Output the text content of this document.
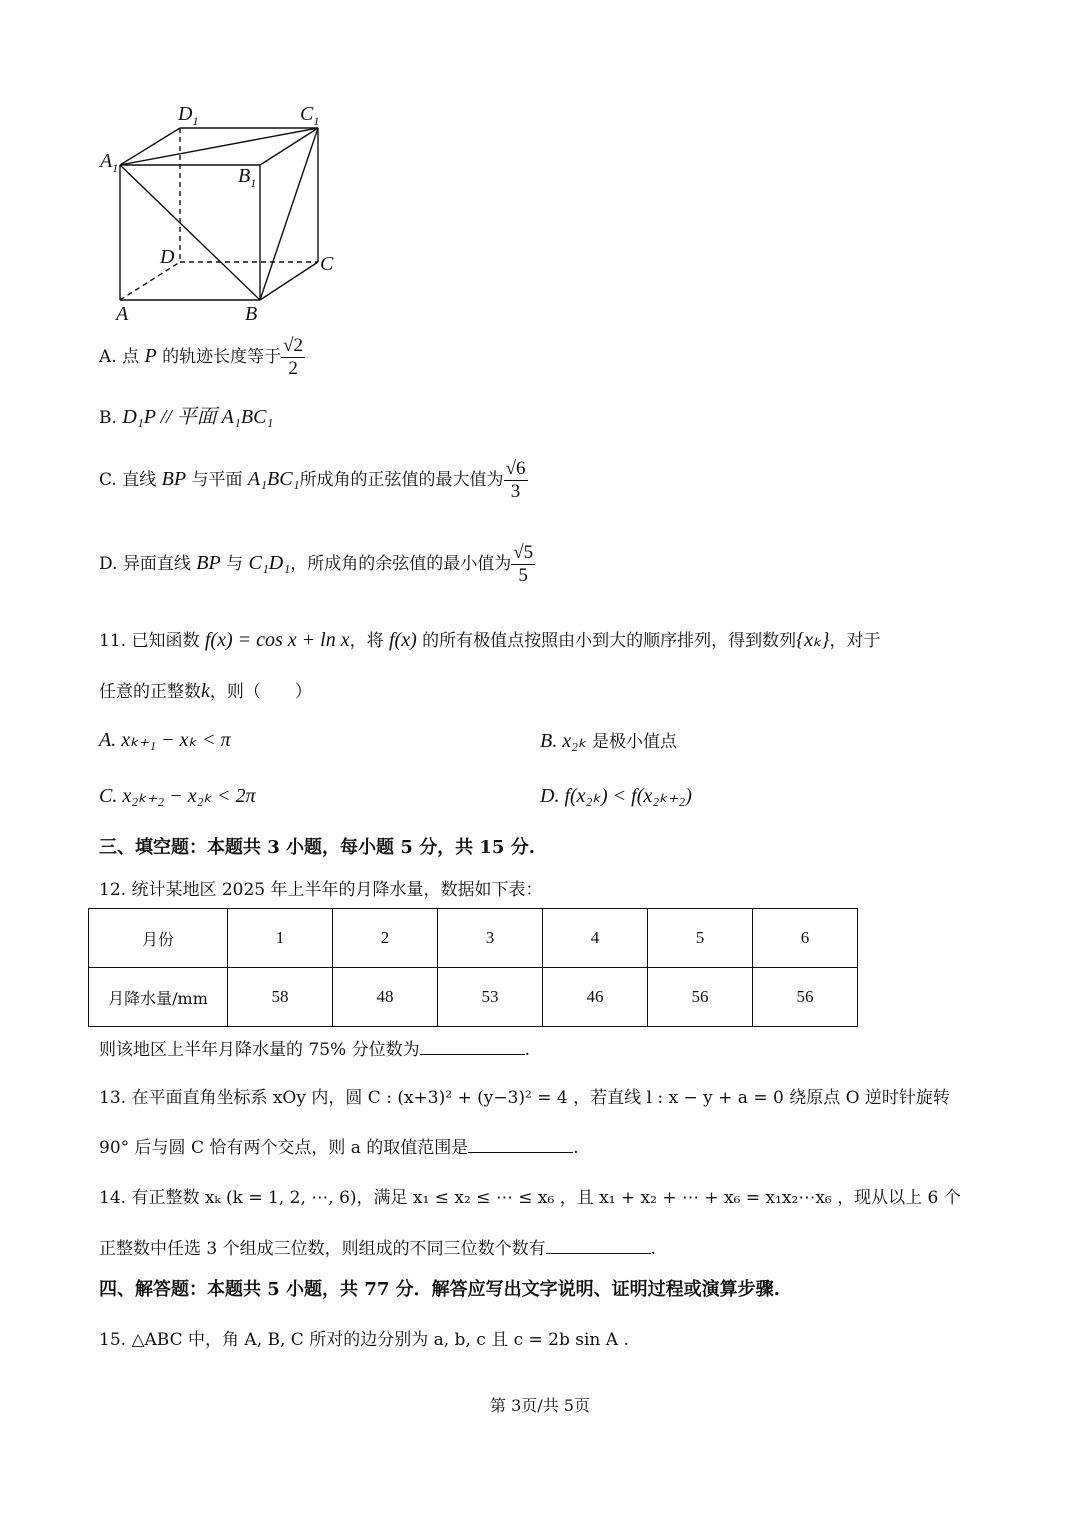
$A_1$
$D_1$	$C_1$
$B_1$
D	C
A	B
A. 点 P 的轨迹长度等于 $\frac{√2}{2}$
B. D₁P // 平面 A₁BC₁
C. 直线 BP 与平面 A₁BC₁所成角的正弦值的最大值为 $\frac{√6}{3}$
D. 异面直线 BP 与 C₁D₁，所成角的余弦值的最小值为 $\frac{√5}{5}$
11. 已知函数 f(x) = cos x + ln x，将 f(x) 的所有极值点按照由小到大的顺序排列，得到数列{xₖ}，对于
任意的正整数k，则（　　）
A. xₖ₊₁ − xₖ < π	B. x₂ₖ 是极小值点
C. x₂ₖ₊₂ − x₂ₖ < 2π	D. f(x₂ₖ) < f(x₂ₖ₊₂)
三、填空题：本题共 3 小题，每小题 5 分，共 15 分.
12. 统计某地区 2025 年上半年的月降水量，数据如下表：
月份	1	2	3	4	5	6
月降水量/mm	58	48	53	46	56	56
则该地区上半年月降水量的 75% 分位数为	.
13. 在平面直角坐标系 xOy 内，圆 C : (x+3)² + (y−3)² = 4 ，若直线 l : x − y + a = 0 绕原点 O 逆时针旋转
90° 后与圆 C 恰有两个交点，则 a 的取值范围是	.
14. 有正整数 xₖ (k = 1, 2, ⋯, 6)，满足 x₁ ≤ x₂ ≤ ⋯ ≤ x₆ ，且 x₁ + x₂ + ⋯ + x₆ = x₁x₂⋯x₆ ，现从以上 6 个
正整数中任选 3 个组成三位数，则组成的不同三位数个数有	.
四、解答题：本题共 5 小题，共 77 分．解答应写出文字说明、证明过程或演算步骤.
15. △ABC 中，角 A, B, C 所对的边分别为 a, b, c 且 c = 2b sin A .
第 3页/共 5页
